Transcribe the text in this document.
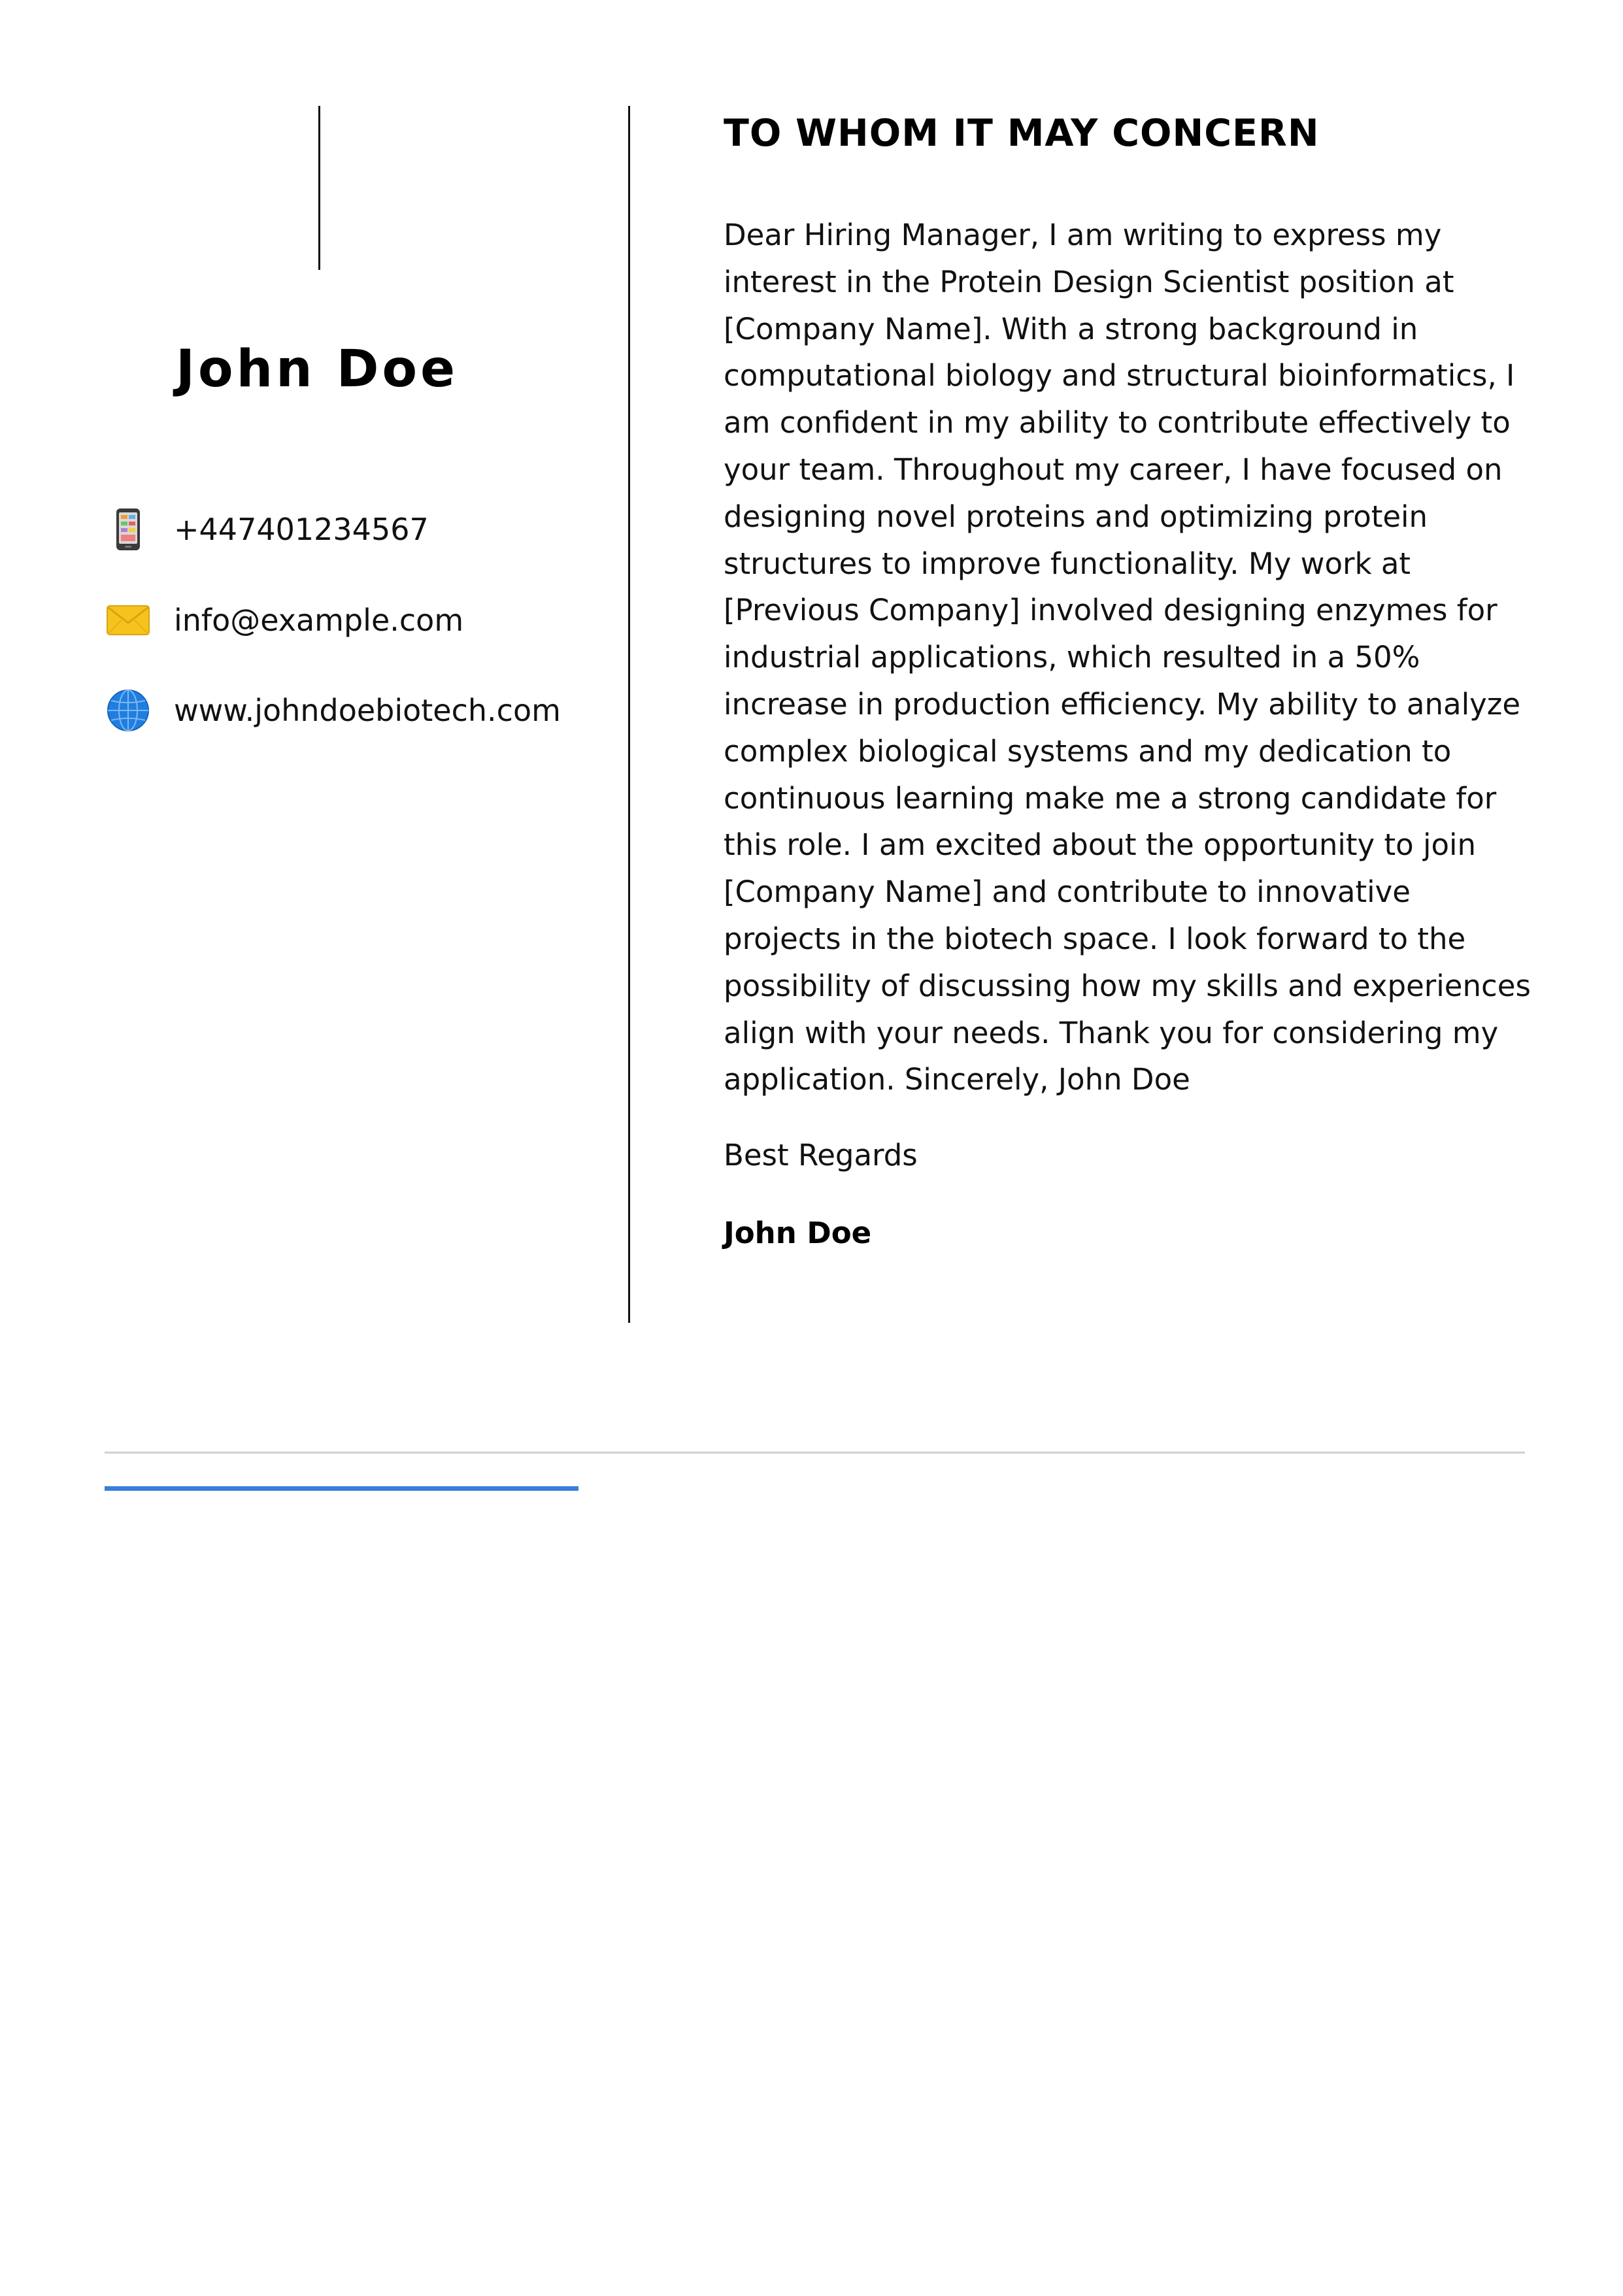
John Doe
+447401234567
info@example.com
www.johndoebiotech.com
TO WHOM IT MAY CONCERN
Dear Hiring Manager, I am writing to express my interest in the Protein Design Scientist position at [Company Name]. With a strong background in computational biology and structural bioinformatics, I am confident in my ability to contribute effectively to your team. Throughout my career, I have focused on designing novel proteins and optimizing protein structures to improve functionality. My work at [Previous Company] involved designing enzymes for industrial applications, which resulted in a 50% increase in production efficiency. My ability to analyze complex biological systems and my dedication to continuous learning make me a strong candidate for this role. I am excited about the opportunity to join [Company Name] and contribute to innovative projects in the biotech space. I look forward to the possibility of discussing how my skills and experiences align with your needs. Thank you for considering my application. Sincerely, John Doe
Best Regards
John Doe
